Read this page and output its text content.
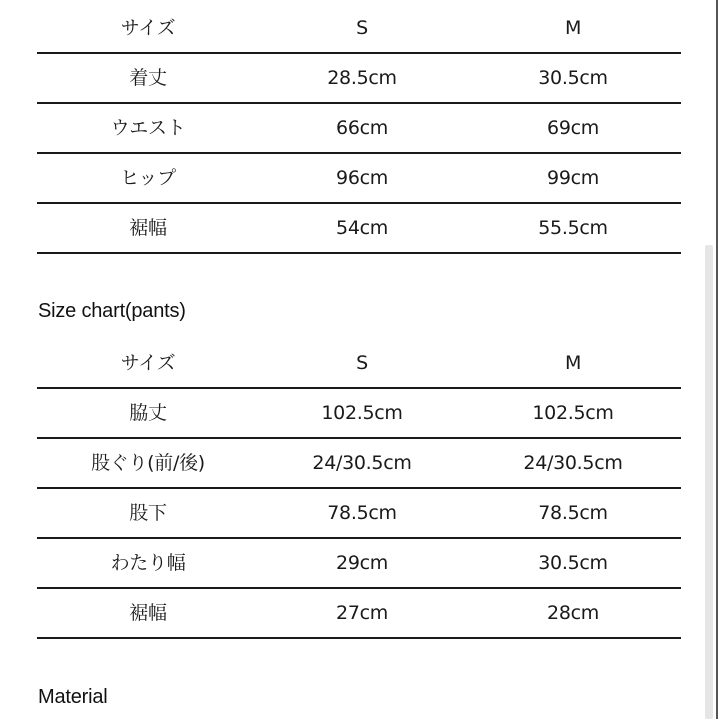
サイズ	S	M
着丈	28.5cm	30.5cm
ウエスト	66cm	69cm
ヒップ	96cm	99cm
裾幅	54cm	55.5cm
Size chart(pants)
サイズ	S	M
脇丈	102.5cm	102.5cm
股ぐり(前/後)	24/30.5cm	24/30.5cm
股下	78.5cm	78.5cm
わたり幅	29cm	30.5cm
裾幅	27cm	28cm
Material
